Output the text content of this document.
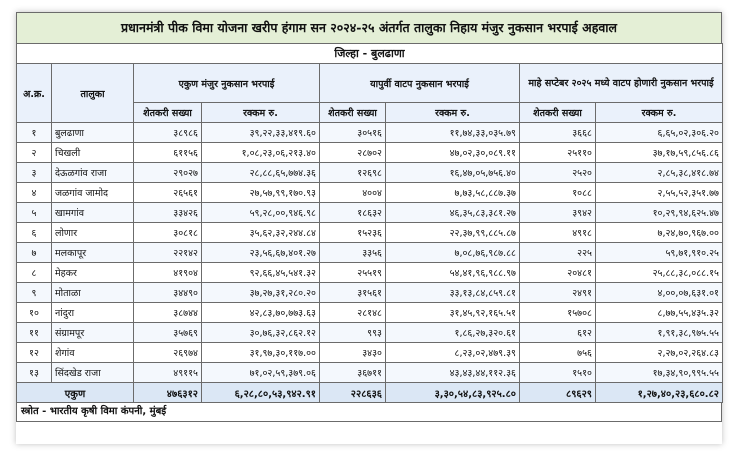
प्रधानमंत्री पीक विमा योजना खरीप हंगाम सन २०२४-२५ अंतर्गत तालुका निहाय मंजुर नुकसान भरपाई अहवाल
जिल्हा - बुलढाणा							
अ.क्र.	तालुका	एकुण मंजुर नुकसान भरपाई		यापुर्वी वाटप नुकसान भरपाई		माहे सप्टेबर २०२५ मध्ये वाटप होणारी नुकसान भरपाई	
		शेतकरी सख्या	रक्कम रु.	शेतकरी सख्या	रक्कम रु.	शेतकरी सख्या	रक्कम रु.
१	बुलढाणा	३८९८६	३९,२२,३३,४१९.६०	३०५१६	११,७४,३३,०३५.७९	३६६८	६,६५,०२,३०६.२०
२	चिखली	६११५६	१,०८,२३,०६,२१३.४०	२८७०२	४७,०२,३०,०८९.११	२५११०	३७,१७,५९,८५६.८६
३	देऊळगांव राजा	२९०२७	२८,८८,६५,७७४.३६	१२६९८	१६,४७,०५,७५६.४०	२५२०	२,८५,३८,४१८.७४
४	जळगांव जामोद	२६५६१	२७,५७,९९,१७०.९३	४००४	७,७३,५८,८८७.३७	१०८८	२,५५,५२,३५१.७७
५	खामगांव	३३४२६	५९,२८,००,९४६.९८	१८६३२	४६,३५,८३,३८१.२७	३९४२	१०,२९,९४,६२५.४७
६	लोणार	३०८१८	३५,६२,३२,२४४.८४	१५२३६	२२,३७,९९,८८५.८७	४९१८	७,२४,७०,९६७.००
७	मलकापूर	२२१४२	२३,५६,६७,४०१.२७	३३५६	७,०८,७६,९८७.८८	२२५	५९,७१,९१०.२५
८	मेहकर	४१९०४	९२,६६,४५,५४१.३२	२५५१९	५४,४१,९६,९८८.९७	२०४८१	२५,८८,३८,०८८.१५
९	मोताळा	३४४९०	३७,२७,३१,२८०.२०	३१५६१	३३,१३,८४,८५९.८१	२४९१	४,००,०७,६३१.०१
१०	नांदुरा	३८७४४	४२,८३,७०,७७३.६३	२८१४८	३१,४५,९२,१६५.५१	१५७०८	८,७७,५५,४३५.३२
११	संग्रामपूर	३५७६९	३०,७६,३२,८६२.१२	९९३	१,८६,२७,३२०.६१	६१२	१,९१,३८,९७५.५५
१२	शेगांव	२६९७४	३१,९७,३०,११७.००	३४३०	८,२३,०२,४७९.३९	७५६	२,२७,०२,२६४.८३
१३	सिंदखेड राजा	४९११५	७१,०२,५९,३७९.०६	३६७११	४३,४३,४४,११२.३६	१५१०	१७,३४,९०,९९५.५५
एकुण		४७६३१२	६,२८,८०,५३,९४२.९१	२२८६३६	३,३०,५४,८३,९२५.८०	८९६२९	१,२७,४०,२३,६८०.८२
स्त्रोत - भारतीय कृषी विमा कंपनी, मुंबई
